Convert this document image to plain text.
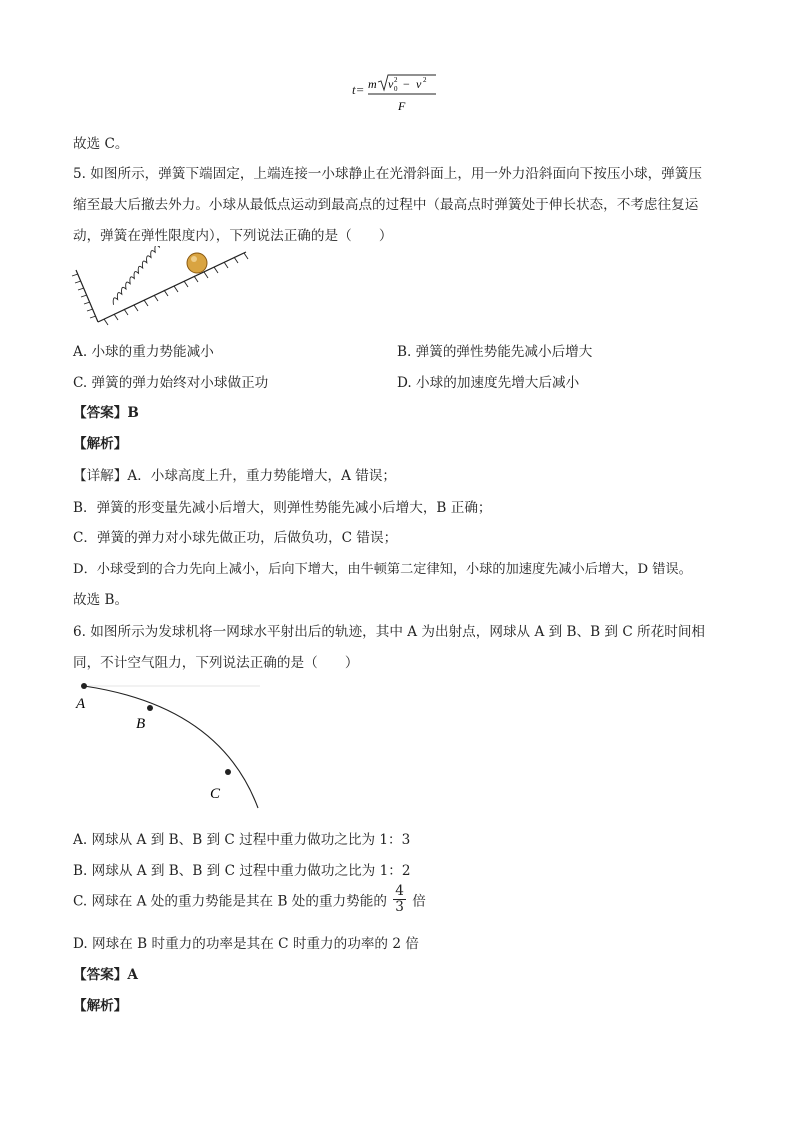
t= m v 0
2 − v 2
F
故选 C。
5. 如图所示，弹簧下端固定，上端连接一小球静止在光滑斜面上，用一外力沿斜面向下按压小球，弹簧压
缩至最大后撤去外力。小球从最低点运动到最高点的过程中（最高点时弹簧处于伸长状态，不考虑往复运
动，弹簧在弹性限度内），下列说法正确的是（　　）
A. 小球的重力势能减小	B. 弹簧的弹性势能先减小后增大
C. 弹簧的弹力始终对小球做正功	D. 小球的加速度先增大后减小
【答案】B
【解析】
【详解】A．小球高度上升，重力势能增大，A 错误；
B．弹簧的形变量先减小后增大，则弹性势能先减小后增大，B 正确；
C．弹簧的弹力对小球先做正功，后做负功，C 错误；
D．小球受到的合力先向上减小，后向下增大，由牛顿第二定律知，小球的加速度先减小后增大，D 错误。
故选 B。
6. 如图所示为发球机将一网球水平射出后的轨迹，其中 A 为出射点，网球从 A 到 B、B 到 C 所花时间相
同，不计空气阻力，下列说法正确的是（　　）
A
B
C
A. 网球从 A 到 B、B 到 C 过程中重力做功之比为 1：3
B. 网球从 A 到 B、B 到 C 过程中重力做功之比为 1：2
C. 网球在 A 处的重力势能是其在 B 处的重力势能的 $\frac{4}{3}$ 倍
D. 网球在 B 时重力的功率是其在 C 时重力的功率的 2 倍
【答案】A
【解析】
